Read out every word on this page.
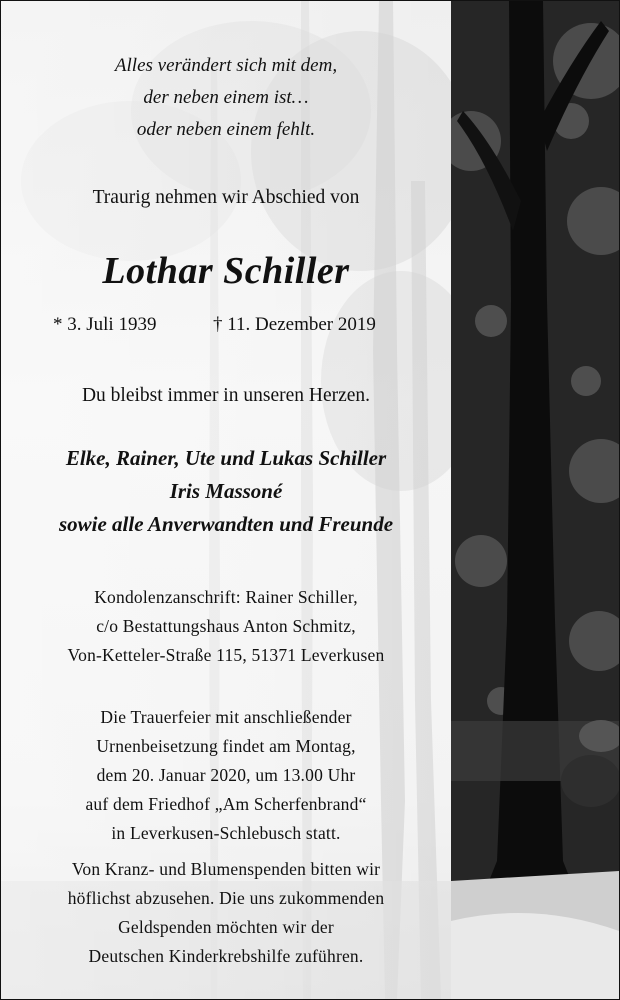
Alles verändert sich mit dem,
der neben einem ist…
oder neben einem fehlt.
Traurig nehmen wir Abschied von
Lothar Schiller
* 3. Juli 1939	† 11. Dezember 2019
Du bleibst immer in unseren Herzen.
Elke, Rainer, Ute und Lukas Schiller
Iris Massoné
sowie alle Anverwandten und Freunde
Kondolenzanschrift: Rainer Schiller,
c/o Bestattungshaus Anton Schmitz,
Von-Ketteler-Straße 115, 51371 Leverkusen
Die Trauerfeier mit anschließender
Urnenbeisetzung findet am Montag,
dem 20. Januar 2020, um 13.00 Uhr
auf dem Friedhof „Am Scherfenbrand“
in Leverkusen-Schlebusch statt.
Von Kranz- und Blumenspenden bitten wir
höflichst abzusehen. Die uns zukommenden
Geldspenden möchten wir der
Deutschen Kinderkrebshilfe zuführen.
